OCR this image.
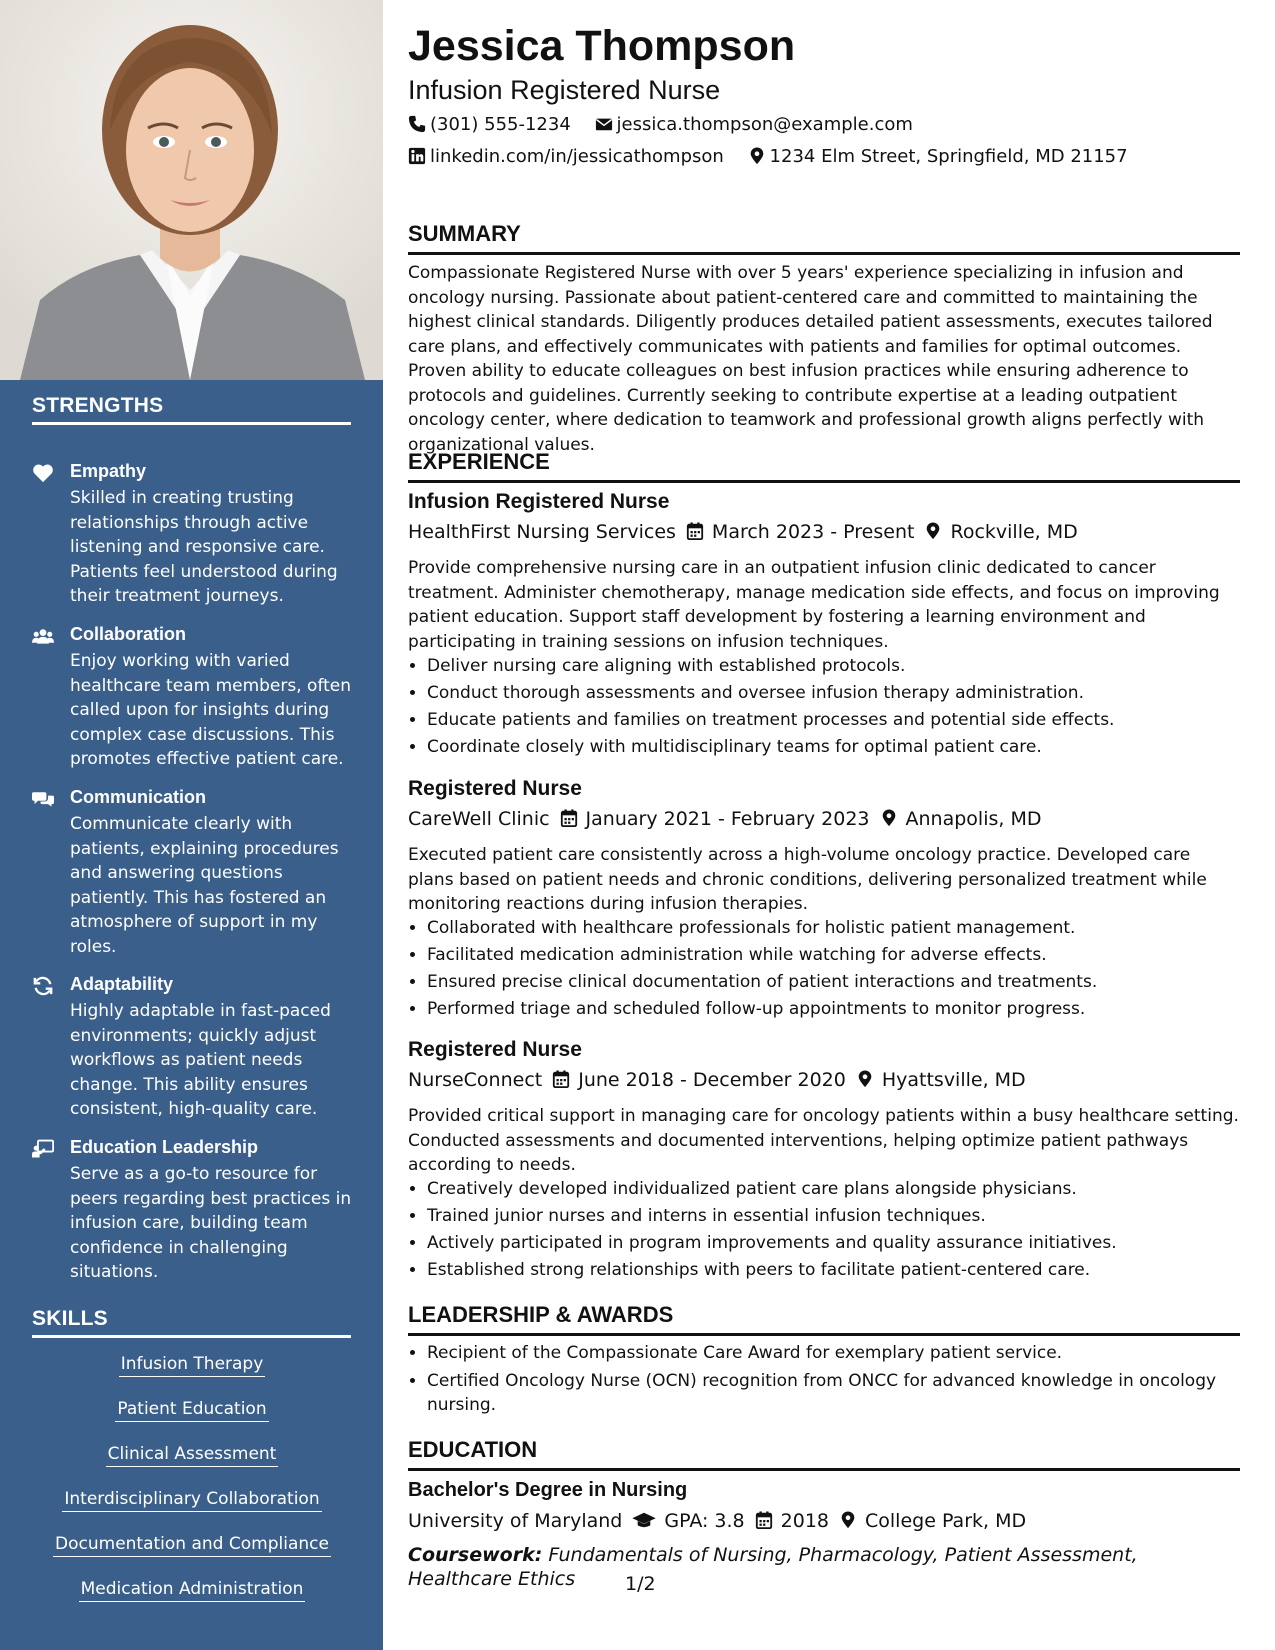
STRENGTHS
Empathy
Skilled in creating trusting relationships through active listening and responsive care. Patients feel understood during their treatment journeys.
Collaboration
Enjoy working with varied healthcare team members, often called upon for insights during complex case discussions. This promotes effective patient care.
Communication
Communicate clearly with patients, explaining procedures and answering questions patiently. This has fostered an atmosphere of support in my roles.
Adaptability
Highly adaptable in fast-paced environments; quickly adjust workflows as patient needs change. This ability ensures consistent, high-quality care.
Education Leadership
Serve as a go-to resource for peers regarding best practices in infusion care, building team confidence in challenging situations.
SKILLS
Infusion TherapyPatient Education
Clinical Assessment
Interdisciplinary Collaboration
Documentation and Compliance
Medication Administration
Jessica Thompson
Infusion Registered Nurse
(301) 555-1234	jessica.thompson@example.com
linkedin.com/in/jessicathompson	1234 Elm Street, Springfield, MD 21157
SUMMARY
Compassionate Registered Nurse with over 5 years' experience specializing in infusion and oncology nursing. Passionate about patient-centered care and committed to maintaining the highest clinical standards. Diligently produces detailed patient assessments, executes tailored care plans, and effectively communicates with patients and families for optimal outcomes. Proven ability to educate colleagues on best infusion practices while ensuring adherence to protocols and guidelines. Currently seeking to contribute expertise at a leading outpatient oncology center, where dedication to teamwork and professional growth aligns perfectly with organizational values.
EXPERIENCE
Infusion Registered Nurse
HealthFirst Nursing Services March 2023 - Present Rockville, MD
Provide comprehensive nursing care in an outpatient infusion clinic dedicated to cancer treatment. Administer chemotherapy, manage medication side effects, and focus on improving patient education. Support staff development by fostering a learning environment and participating in training sessions on infusion techniques.
• Deliver nursing care aligning with established protocols.
• Conduct thorough assessments and oversee infusion therapy administration.
• Educate patients and families on treatment processes and potential side effects.
• Coordinate closely with multidisciplinary teams for optimal patient care.
Registered Nurse
CareWell Clinic January 2021 - February 2023 Annapolis, MD
Executed patient care consistently across a high-volume oncology practice. Developed care plans based on patient needs and chronic conditions, delivering personalized treatment while monitoring reactions during infusion therapies.
• Collaborated with healthcare professionals for holistic patient management.
• Facilitated medication administration while watching for adverse effects.
• Ensured precise clinical documentation of patient interactions and treatments.
• Performed triage and scheduled follow-up appointments to monitor progress.
Registered Nurse
NurseConnect June 2018 - December 2020 Hyattsville, MD
Provided critical support in managing care for oncology patients within a busy healthcare setting. Conducted assessments and documented interventions, helping optimize patient pathways according to needs.
• Creatively developed individualized patient care plans alongside physicians.
• Trained junior nurses and interns in essential infusion techniques.
• Actively participated in program improvements and quality assurance initiatives.
• Established strong relationships with peers to facilitate patient-centered care.
LEADERSHIP & AWARDS
• Recipient of the Compassionate Care Award for exemplary patient service.
• Certified Oncology Nurse (OCN) recognition from ONCC for advanced knowledge in oncology nursing.
EDUCATION
Bachelor's Degree in Nursing
University of Maryland GPA: 3.8 2018 College Park, MD
Coursework: Fundamentals of Nursing, Pharmacology, Patient Assessment, Healthcare Ethics	1/2
